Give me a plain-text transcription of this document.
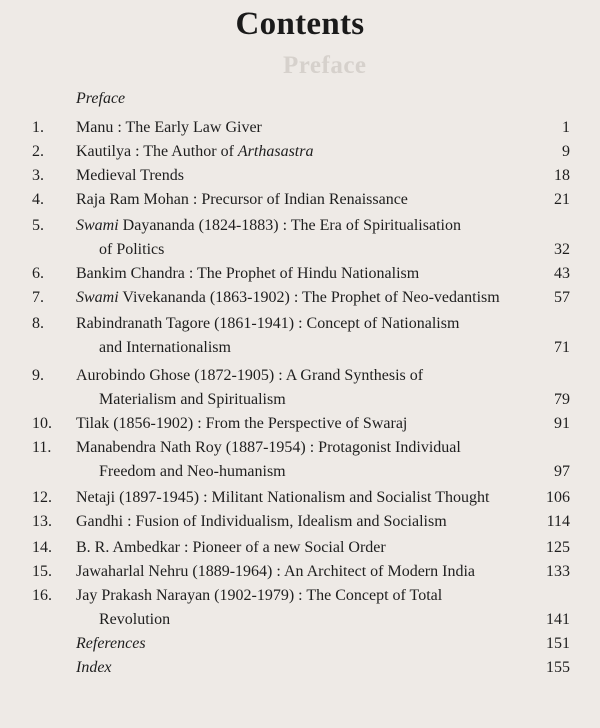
Preface
Contents
Preface
1.	Manu : The Early Law Giver	1
2.	Kautilya : The Author of Arthasastra	9
3.	Medieval Trends	18
4.	Raja Ram Mohan : Precursor of Indian Renaissance	21
5.	Swami Dayananda (1824-1883) : The Era of Spiritualisation
of Politics	32
6.	Bankim Chandra : The Prophet of Hindu Nationalism	43
7.	Swami Vivekananda (1863-1902) : The Prophet of Neo-vedantism	57
8.	Rabindranath Tagore (1861-1941) : Concept of Nationalism
and Internationalism	71
9.	Aurobindo Ghose (1872-1905) : A Grand Synthesis of
Materialism and Spiritualism	79
10.	Tilak (1856-1902) : From the Perspective of Swaraj	91
11.	Manabendra Nath Roy (1887-1954) : Protagonist Individual
Freedom and Neo-humanism	97
12.	Netaji (1897-1945) : Militant Nationalism and Socialist Thought	106
13.	Gandhi : Fusion of Individualism, Idealism and Socialism	114
14.	B. R. Ambedkar : Pioneer of a new Social Order	125
15.	Jawaharlal Nehru (1889-1964) : An Architect of Modern India	133
16.	Jay Prakash Narayan (1902-1979) : The Concept of Total
Revolution	141
References	151
Index	155
